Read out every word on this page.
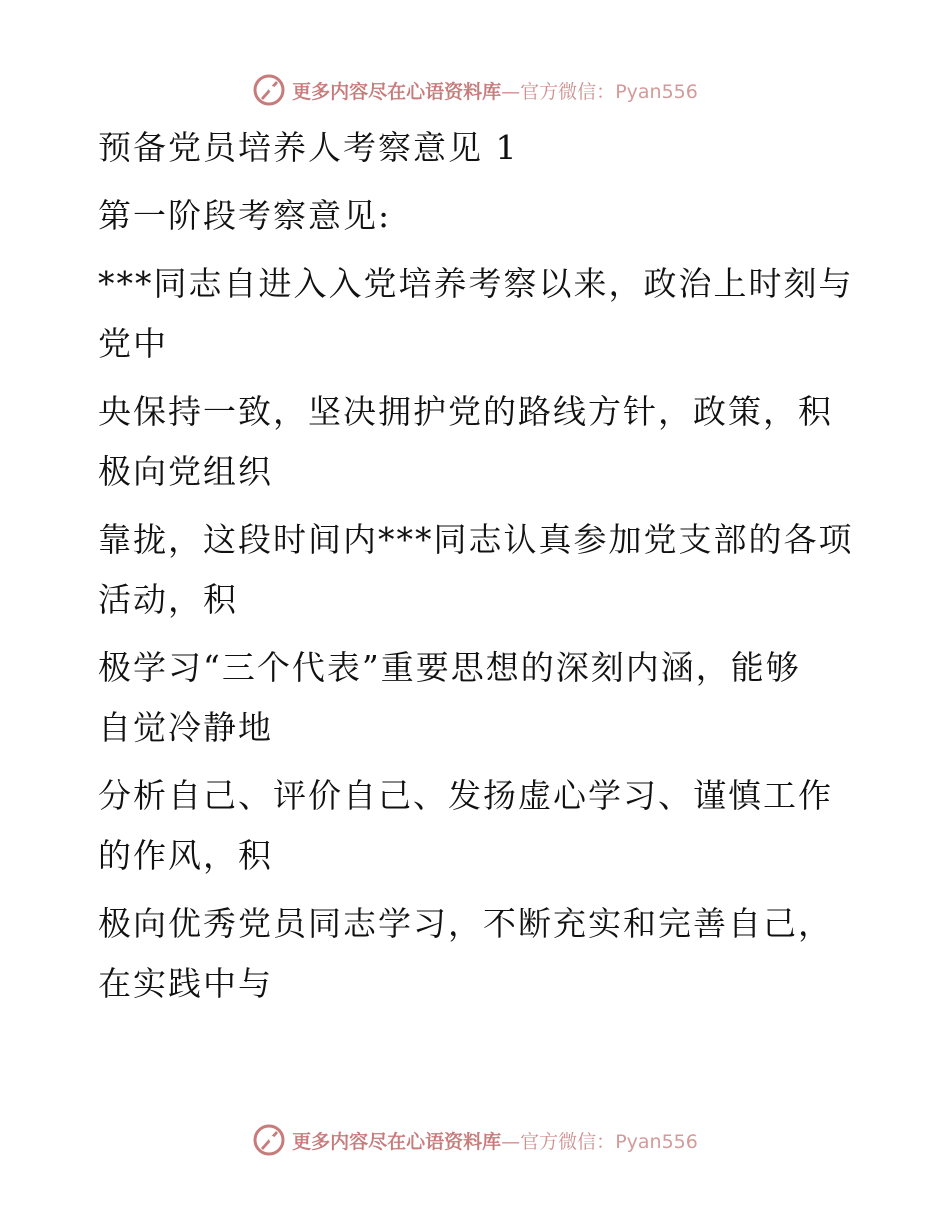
更多内容尽在心语资料库—官方微信：Pyan556
预备党员培养人考察意见 1
第一阶段考察意见:
***同志自进入入党培养考察以来，政治上时刻与
党中
央保持一致，坚决拥护党的路线方针，政策，积
极向党组织
靠拢，这段时间内***同志认真参加党支部的各项
活动，积
极学习“三个代表”重要思想的深刻内涵，能够
自觉冷静地
分析自己、评价自己、发扬虚心学习、谨慎工作
的作风，积
极向优秀党员同志学习，不断充实和完善自己，
在实践中与
更多内容尽在心语资料库—官方微信：Pyan556
